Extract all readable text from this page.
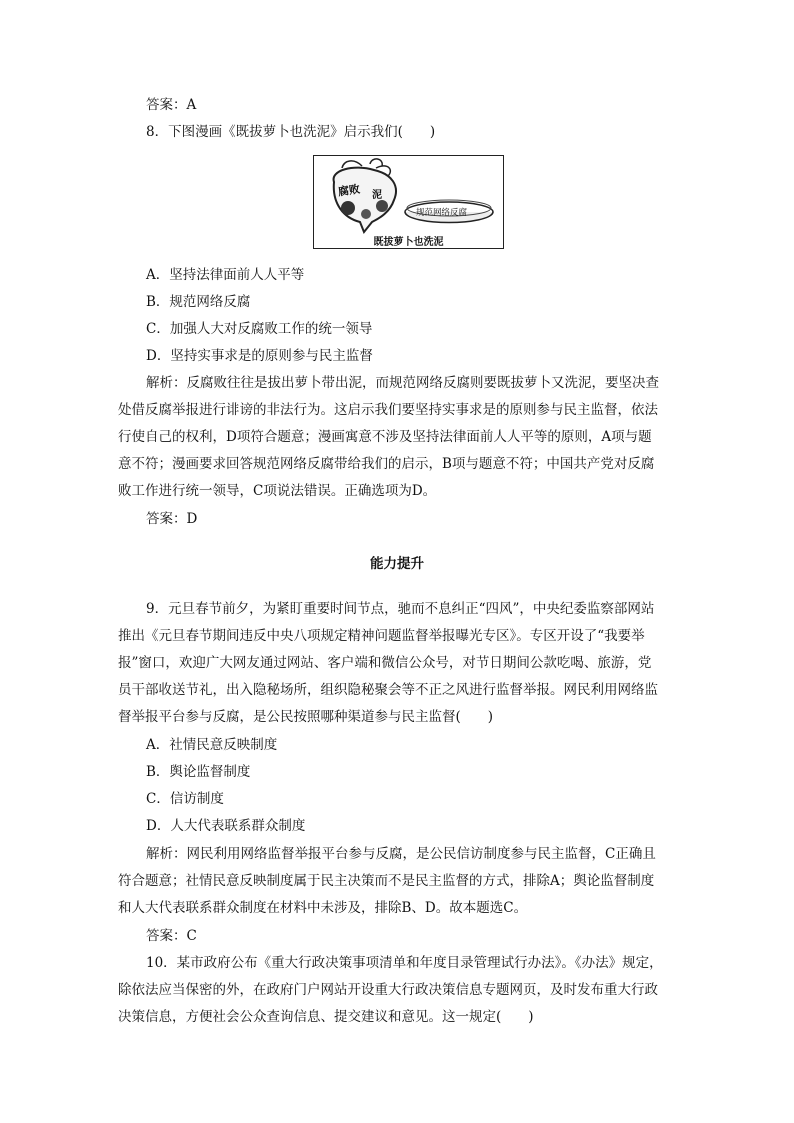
答案：A
8．下图漫画《既拔萝卜也洗泥》启示我们(　　)
腐败 泥
规范网络反腐
既拔萝卜也洗泥
A．坚持法律面前人人平等
B．规范网络反腐
C．加强人大对反腐败工作的统一领导
D．坚持实事求是的原则参与民主监督
解析：反腐败往往是拔出萝卜带出泥，而规范网络反腐则要既拔萝卜又洗泥，要坚决查
处借反腐举报进行诽谤的非法行为。这启示我们要坚持实事求是的原则参与民主监督，依法
行使自己的权利，D项符合题意；漫画寓意不涉及坚持法律面前人人平等的原则，A项与题
意不符；漫画要求回答规范网络反腐带给我们的启示，B项与题意不符；中国共产党对反腐
败工作进行统一领导，C项说法错误。正确选项为D。
答案：D
能力提升
9．元旦春节前夕，为紧盯重要时间节点，驰而不息纠正“四风”，中央纪委监察部网站
推出《元旦春节期间违反中央八项规定精神问题监督举报曝光专区》。专区开设了“我要举
报”窗口，欢迎广大网友通过网站、客户端和微信公众号，对节日期间公款吃喝、旅游，党
员干部收送节礼，出入隐秘场所，组织隐秘聚会等不正之风进行监督举报。网民利用网络监
督举报平台参与反腐，是公民按照哪种渠道参与民主监督(　　)
A．社情民意反映制度
B．舆论监督制度
C．信访制度
D．人大代表联系群众制度
解析：网民利用网络监督举报平台参与反腐，是公民信访制度参与民主监督，C正确且
符合题意；社情民意反映制度属于民主决策而不是民主监督的方式，排除A；舆论监督制度
和人大代表联系群众制度在材料中未涉及，排除B、D。故本题选C。
答案：C
10．某市政府公布《重大行政决策事项清单和年度目录管理试行办法》。《办法》规定，
除依法应当保密的外，在政府门户网站开设重大行政决策信息专题网页，及时发布重大行政
决策信息，方便社会公众查询信息、提交建议和意见。这一规定(　　)
